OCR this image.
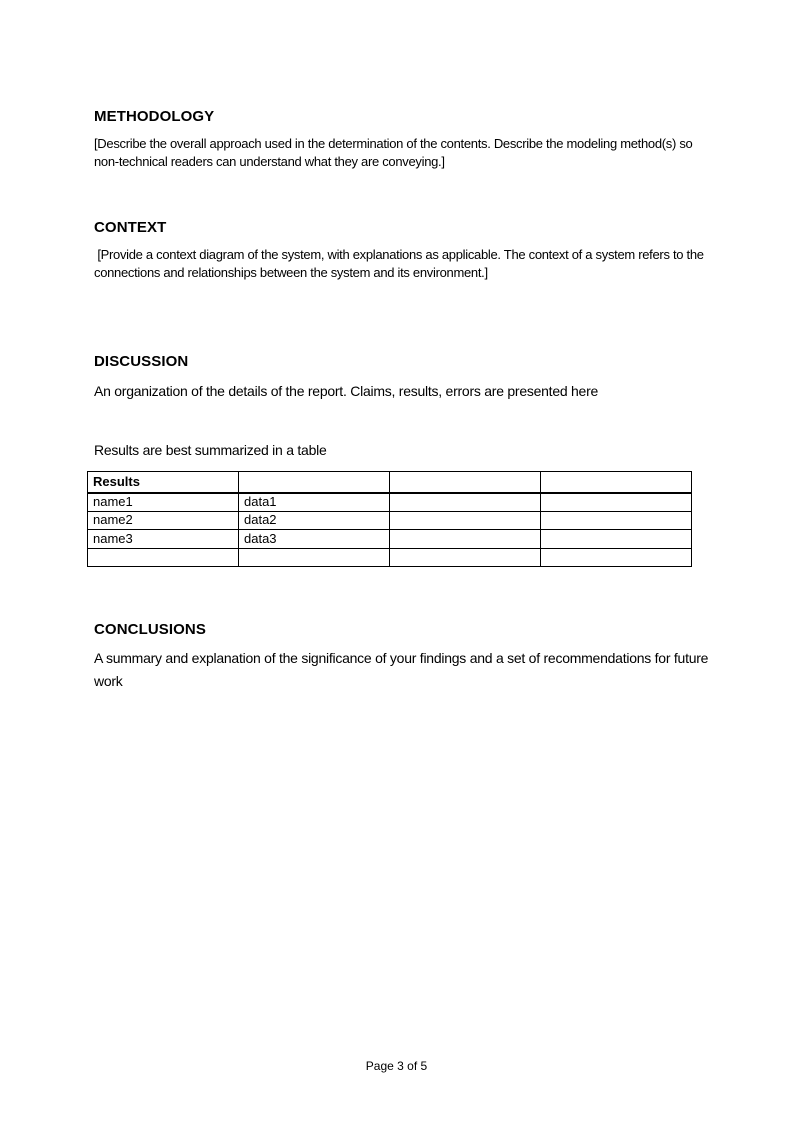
METHODOLOGY
[Describe the overall approach used in the determination of the contents. Describe the modeling method(s) so non-technical readers can understand what they are conveying.]
CONTEXT
[Provide a context diagram of the system, with explanations as applicable. The context of a system refers to the connections and relationships between the system and its environment.]
DISCUSSION
An organization of the details of the report. Claims, results, errors are presented here
Results are best summarized in a table
Results			
name1	data1		
name2	data2		
name3	data3		

CONCLUSIONS
A summary and explanation of the significance of your findings and a set of recommendations for future work
Page 3 of 5
